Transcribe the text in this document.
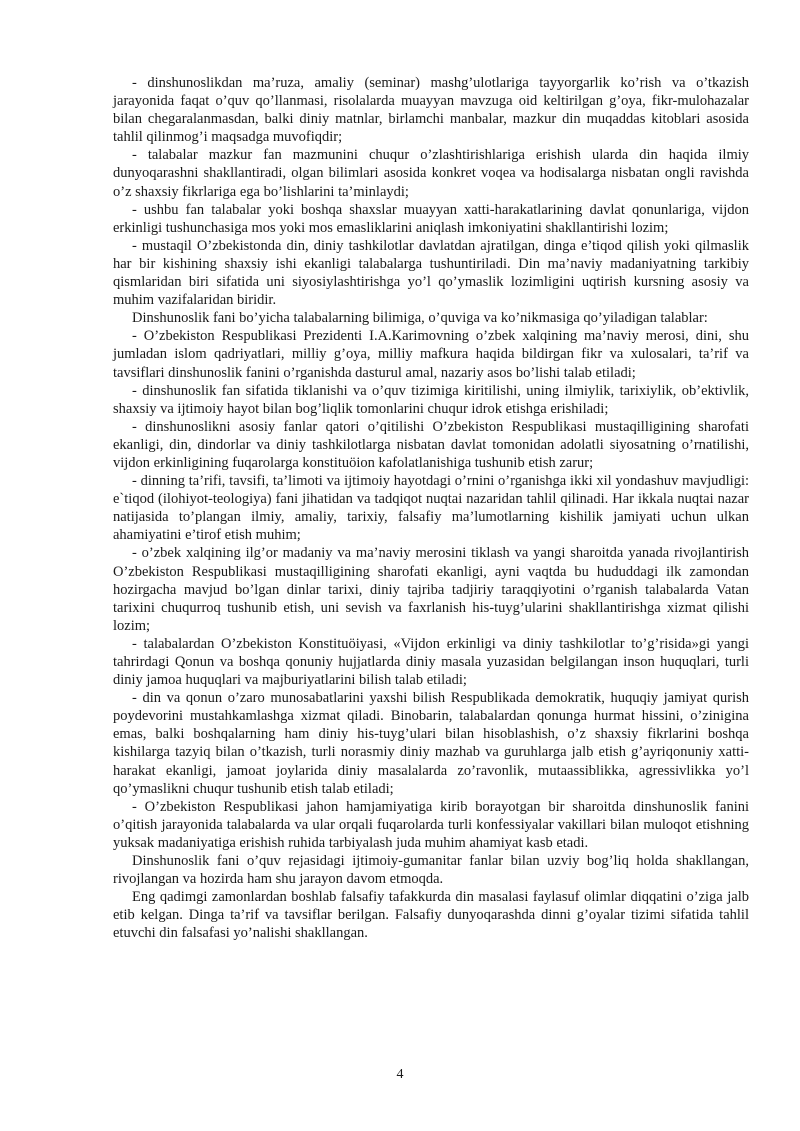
- dinshunoslikdan ma’ruza, amaliy (seminar) mashg’ulotlariga tayyorgarlik ko’rish va o’tkazish jarayonida faqat o’quv qo’llanmasi, risolalarda muayyan mavzuga oid keltirilgan g’oya, fikr-mulohazalar bilan chegaralanmasdan, balki diniy matnlar, birlamchi manbalar, mazkur din muqaddas kitoblari asosida tahlil qilinmog’i maqsadga muvofiqdir;

- talabalar mazkur fan mazmunini chuqur o’zlashtirishlariga erishish ularda din haqida ilmiy dunyoqarashni shakllantiradi, olgan bilimlari asosida konkret voqea va hodisalarga nisbatan ongli ravishda o’z shaxsiy fikrlariga ega bo’lishlarini ta’minlaydi;

- ushbu fan talabalar yoki boshqa shaxslar muayyan xatti-harakatlarining davlat qonunlariga, vijdon erkinligi tushunchasiga mos yoki mos emasliklarini aniqlash imkoniyatini shakllantirishi lozim;

- mustaqil O’zbekistonda din, diniy tashkilotlar davlatdan ajratilgan, dinga e’tiqod qilish yoki qilmaslik har bir kishining shaxsiy ishi ekanligi talabalarga tushuntiriladi. Din ma’naviy madaniyatning tarkibiy qismlaridan biri sifatida uni siyosiylashtirishga yo’l qo’ymaslik lozimligini uqtirish kursning asosiy va muhim vazifalaridan biridir.

Dinshunoslik fani bo’yicha talabalarning bilimiga, o’quviga va ko’nikmasiga qo’yiladigan talablar:

- O’zbekiston Respublikasi Prezidenti I.A.Karimovning o’zbek xalqining ma’naviy merosi, dini, shu jumladan islom qadriyatlari, milliy g’oya, milliy mafkura haqida bildirgan fikr va xulosalari, ta’rif va tavsiflari dinshunoslik fanini o’rganishda dasturul amal, nazariy asos bo’lishi talab etiladi;

- dinshunoslik fan sifatida tiklanishi va o’quv tizimiga kiritilishi, uning ilmiylik, tarixiylik, ob’ektivlik, shaxsiy va ijtimoiy hayot bilan bog’liqlik tomonlarini chuqur idrok etishga erishiladi;

- dinshunoslikni asosiy fanlar qatori o’qitilishi O’zbekiston Respublikasi mustaqilligining sharofati ekanligi, din, dindorlar va diniy tashkilotlarga nisbatan davlat tomonidan adolatli siyosatning o’rnatilishi, vijdon erkinligining fuqarolarga konstituöion kafolatlanishiga tushunib etish zarur;

- dinning ta’rifi, tavsifi, ta’limoti va ijtimoiy hayotdagi o’rnini o’rganishga ikki xil yondashuv mavjudligi: e`tiqod (ilohiyot-teologiya) fani jihatidan va tadqiqot nuqtai nazaridan tahlil qilinadi. Har ikkala nuqtai nazar natijasida to’plangan ilmiy, amaliy, tarixiy, falsafiy ma’lumotlarning kishilik jamiyati uchun ulkan ahamiyatini e’tirof etish muhim;

- o’zbek xalqining ilg’or madaniy va ma’naviy merosini tiklash va yangi sharoitda yanada rivojlantirish O’zbekiston Respublikasi mustaqilligining sharofati ekanligi, ayni vaqtda bu hududdagi ilk zamondan hozirgacha mavjud bo’lgan dinlar tarixi, diniy tajriba tadjiriy taraqqiyotini o’rganish talabalarda Vatan tarixini chuqurroq tushunib etish, uni sevish va faxrlanish his-tuyg’ularini shakllantirishga xizmat qilishi lozim;

- talabalardan O’zbekiston Konstituöiyasi, «Vijdon erkinligi va diniy tashkilotlar to’g’risida»gi yangi tahrirdagi Qonun va boshqa qonuniy hujjatlarda diniy masala yuzasidan belgilangan inson huquqlari, turli diniy jamoa huquqlari va majburiyatlarini bilish talab etiladi;

- din va qonun o’zaro munosabatlarini yaxshi bilish Respublikada demokratik, huquqiy jamiyat qurish poydevorini mustahkamlashga xizmat qiladi. Binobarin, talabalardan qonunga hurmat hissini, o’zinigina emas, balki boshqalarning ham diniy his-tuyg’ulari bilan hisoblashish, o’z shaxsiy fikrlarini boshqa kishilarga tazyiq bilan o’tkazish, turli norasmiy diniy mazhab va guruhlarga jalb etish g’ayriqonuniy xatti-harakat ekanligi, jamoat joylarida diniy masalalarda zo’ravonlik, mutaassiblikka, agressivlikka yo’l qo’ymaslikni chuqur tushunib etish talab etiladi;

- O’zbekiston Respublikasi jahon hamjamiyatiga kirib borayotgan bir sharoitda dinshunoslik fanini o’qitish jarayonida talabalarda va ular orqali fuqarolarda turli konfessiyalar vakillari bilan muloqot etishning yuksak madaniyatiga erishish ruhida tarbiyalash juda muhim ahamiyat kasb etadi.

Dinshunoslik fani o’quv rejasidagi ijtimoiy-gumanitar fanlar bilan uzviy bog’liq holda shakllangan, rivojlangan va hozirda ham shu jarayon davom etmoqda.

Eng qadimgi zamonlardan boshlab falsafiy tafakkurda din masalasi faylasuf olimlar diqqatini o’ziga jalb etib kelgan. Dinga ta’rif va tavsiflar berilgan. Falsafiy dunyoqarashda dinni g’oyalar tizimi sifatida tahlil etuvchi din falsafasi yo’nalishi shakllangan.

4
